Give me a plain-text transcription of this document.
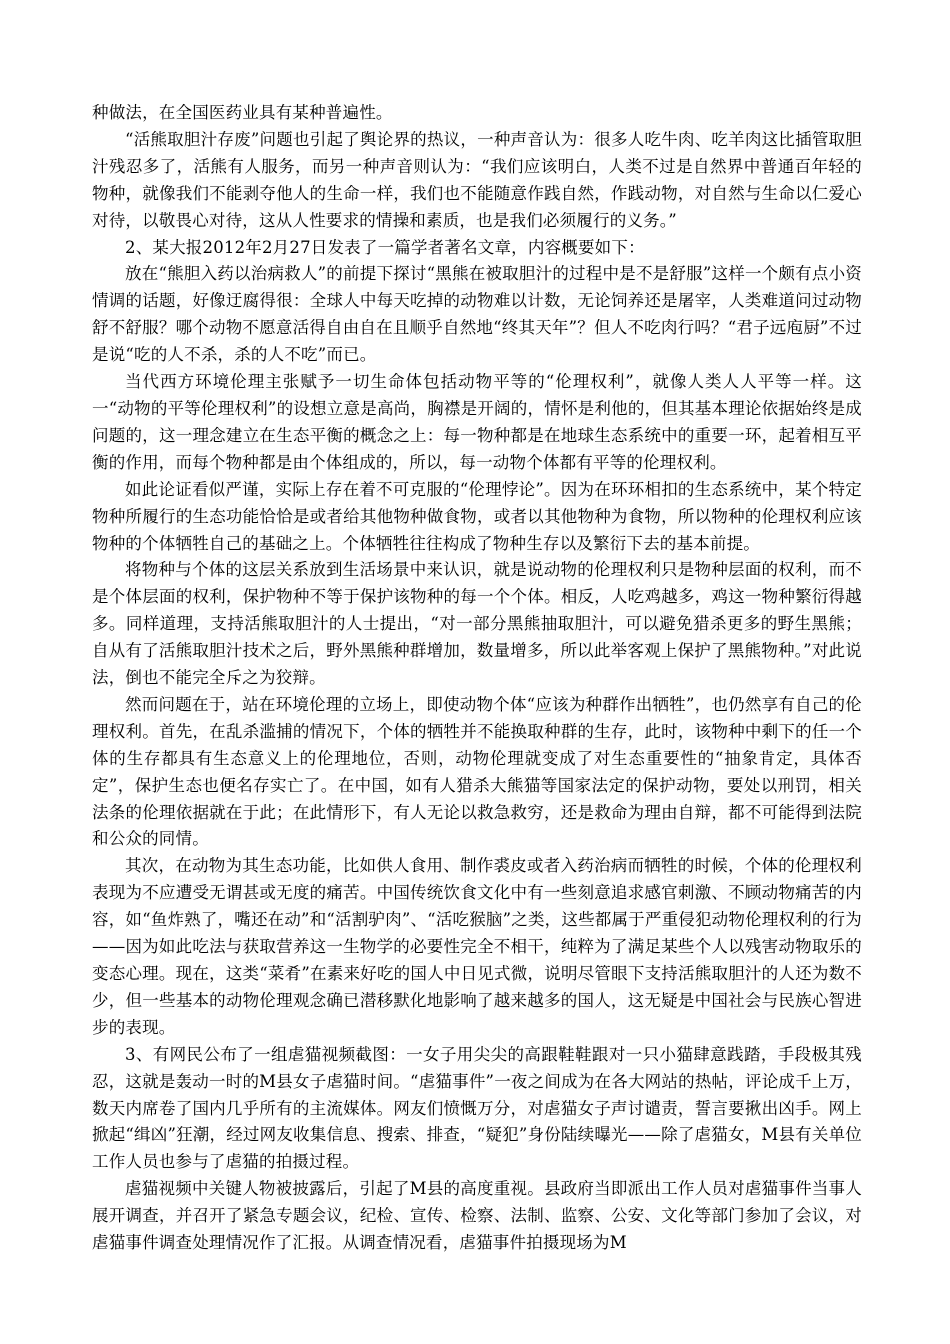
种做法，在全国医药业具有某种普遍性。

“活熊取胆汁存废”问题也引起了舆论界的热议，一种声音认为：很多人吃牛肉、吃羊肉这比插管取胆汁残忍多了，活熊有人服务，而另一种声音则认为：“我们应该明白，人类不过是自然界中普通百年轻的物种，就像我们不能剥夺他人的生命一样，我们也不能随意作践自然，作践动物，对自然与生命以仁爱心对待，以敬畏心对待，这从人性要求的情操和素质，也是我们必须履行的义务。”

2、某大报2012年2月27日发表了一篇学者著名文章，内容概要如下：

放在“熊胆入药以治病救人”的前提下探讨“黑熊在被取胆汁的过程中是不是舒服”这样一个颇有点小资情调的话题，好像迂腐得很：全球人中每天吃掉的动物难以计数，无论饲养还是屠宰，人类难道问过动物舒不舒服？哪个动物不愿意活得自由自在且顺乎自然地“终其天年”？但人不吃肉行吗？“君子远庖厨”不过是说“吃的人不杀，杀的人不吃”而已。

当代西方环境伦理主张赋予一切生命体包括动物平等的“伦理权利”，就像人类人人平等一样。这一“动物的平等伦理权利”的设想立意是高尚，胸襟是开阔的，情怀是利他的，但其基本理论依据始终是成问题的，这一理念建立在生态平衡的概念之上：每一物种都是在地球生态系统中的重要一环，起着相互平衡的作用，而每个物种都是由个体组成的，所以，每一动物个体都有平等的伦理权利。

如此论证看似严谨，实际上存在着不可克服的“伦理悖论”。因为在环环相扣的生态系统中，某个特定物种所履行的生态功能恰恰是或者给其他物种做食物，或者以其他物种为食物，所以物种的伦理权利应该物种的个体牺牲自己的基础之上。个体牺牲往往构成了物种生存以及繁衍下去的基本前提。

将物种与个体的这层关系放到生活场景中来认识，就是说动物的伦理权利只是物种层面的权利，而不是个体层面的权利，保护物种不等于保护该物种的每一个个体。相反，人吃鸡越多，鸡这一物种繁衍得越多。同样道理，支持活熊取胆汁的人士提出，“对一部分黑熊抽取胆汁，可以避免猎杀更多的野生黑熊；自从有了活熊取胆汁技术之后，野外黑熊种群增加，数量增多，所以此举客观上保护了黑熊物种。”对此说法，倒也不能完全斥之为狡辩。

然而问题在于，站在环境伦理的立场上，即使动物个体“应该为种群作出牺牲”，也仍然享有自己的伦理权利。首先，在乱杀滥捕的情况下，个体的牺牲并不能换取种群的生存，此时，该物种中剩下的任一个体的生存都具有生态意义上的伦理地位，否则，动物伦理就变成了对生态重要性的“抽象肯定，具体否定”，保护生态也便名存实亡了。在中国，如有人猎杀大熊猫等国家法定的保护动物，要处以刑罚，相关法条的伦理依据就在于此；在此情形下，有人无论以救急救穷，还是救命为理由自辩，都不可能得到法院和公众的同情。

其次，在动物为其生态功能，比如供人食用、制作裘皮或者入药治病而牺牲的时候，个体的伦理权利表现为不应遭受无谓甚或无度的痛苦。中国传统饮食文化中有一些刻意追求感官刺激、不顾动物痛苦的内容，如“鱼炸熟了，嘴还在动”和“活割驴肉”、“活吃猴脑”之类，这些都属于严重侵犯动物伦理权利的行为——因为如此吃法与获取营养这一生物学的必要性完全不相干，纯粹为了满足某些个人以残害动物取乐的变态心理。现在，这类“菜肴”在素来好吃的国人中日见式微，说明尽管眼下支持活熊取胆汁的人还为数不少，但一些基本的动物伦理观念确已潜移默化地影响了越来越多的国人，这无疑是中国社会与民族心智进步的表现。

3、有网民公布了一组虐猫视频截图：一女子用尖尖的高跟鞋鞋跟对一只小猫肆意践踏，手段极其残忍，这就是轰动一时的M县女子虐猫时间。“虐猫事件”一夜之间成为在各大网站的热帖，评论成千上万，数天内席卷了国内几乎所有的主流媒体。网友们愤慨万分，对虐猫女子声讨谴责，誓言要揪出凶手。网上掀起“缉凶”狂潮，经过网友收集信息、搜索、排查，“疑犯”身份陆续曝光——除了虐猫女，M县有关单位工作人员也参与了虐猫的拍摄过程。

虐猫视频中关键人物被披露后，引起了M县的高度重视。县政府当即派出工作人员对虐猫事件当事人展开调查，并召开了紧急专题会议，纪检、宣传、检察、法制、监察、公安、文化等部门参加了会议，对虐猫事件调查处理情况作了汇报。从调查情况看，虐猫事件拍摄现场为M
